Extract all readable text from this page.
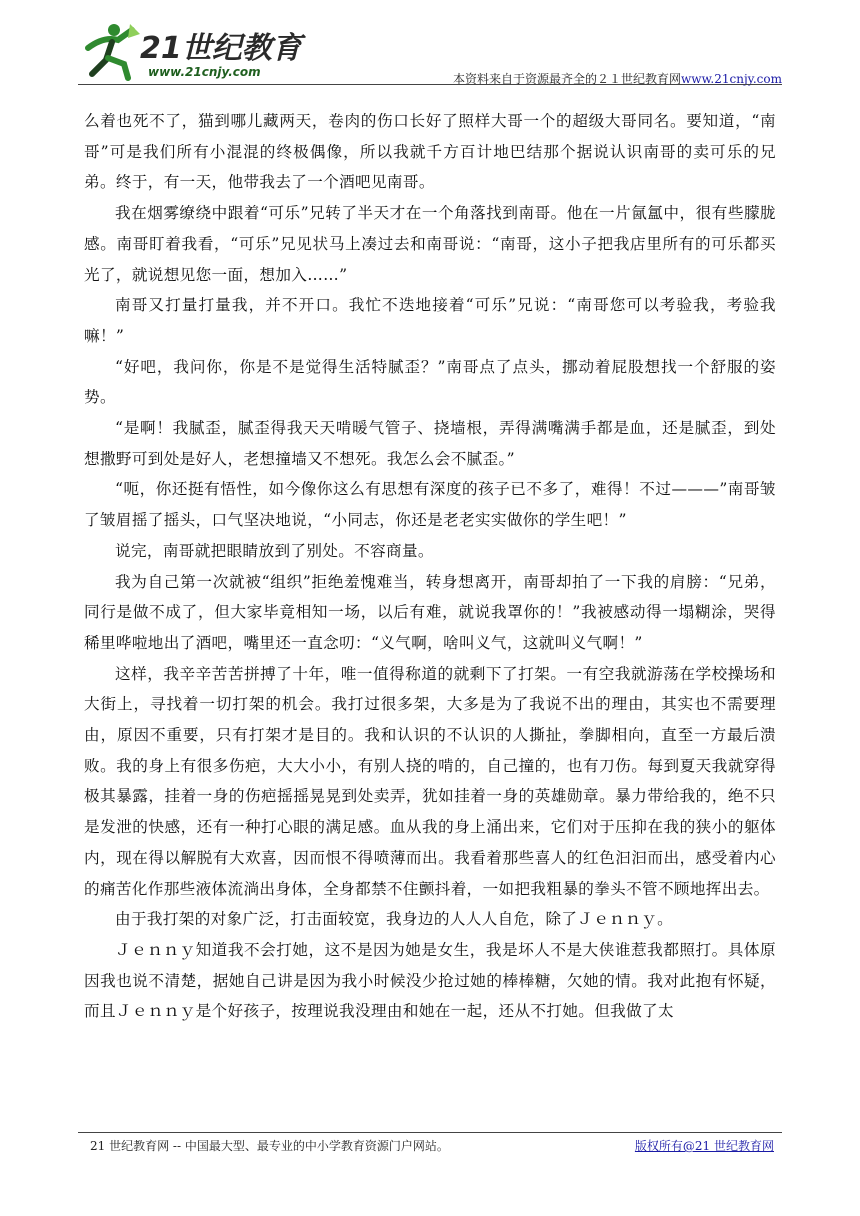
21世纪教育
www.21cnjy.com	本资料来自于资源最齐全的２１世纪教育网www.21cnjy.com

么着也死不了，猫到哪儿藏两天，卷肉的伤口长好了照样大哥一个的超级大哥同名。要知道，“南哥”可是我们所有小混混的终极偶像，所以我就千方百计地巴结那个据说认识南哥的卖可乐的兄弟。终于，有一天，他带我去了一个酒吧见南哥。

我在烟雾缭绕中跟着“可乐”兄转了半天才在一个角落找到南哥。他在一片氤氲中，很有些朦胧感。南哥盯着我看，“可乐”兄见状马上凑过去和南哥说：“南哥，这小子把我店里所有的可乐都买光了，就说想见您一面，想加入……”

南哥又打量打量我，并不开口。我忙不迭地接着“可乐”兄说：“南哥您可以考验我，考验我嘛！”

“好吧，我问你，你是不是觉得生活特腻歪？”南哥点了点头，挪动着屁股想找一个舒服的姿势。

“是啊！我腻歪，腻歪得我天天啃暖气管子、挠墙根，弄得满嘴满手都是血，还是腻歪，到处想撒野可到处是好人，老想撞墙又不想死。我怎么会不腻歪。”

“呃，你还挺有悟性，如今像你这么有思想有深度的孩子已不多了，难得！不过———”南哥皱了皱眉摇了摇头，口气坚决地说，“小同志，你还是老老实实做你的学生吧！”

说完，南哥就把眼睛放到了别处。不容商量。

我为自己第一次就被“组织”拒绝羞愧难当，转身想离开，南哥却拍了一下我的肩膀：“兄弟，同行是做不成了，但大家毕竟相知一场，以后有难，就说我罩你的！”我被感动得一塌糊涂，哭得稀里哗啦地出了酒吧，嘴里还一直念叨：“义气啊，啥叫义气，这就叫义气啊！”

这样，我辛辛苦苦拼搏了十年，唯一值得称道的就剩下了打架。一有空我就游荡在学校操场和大街上，寻找着一切打架的机会。我打过很多架，大多是为了我说不出的理由，其实也不需要理由，原因不重要，只有打架才是目的。我和认识的不认识的人撕扯，拳脚相向，直至一方最后溃败。我的身上有很多伤疤，大大小小，有别人挠的啃的，自己撞的，也有刀伤。每到夏天我就穿得极其暴露，挂着一身的伤疤摇摇晃晃到处卖弄，犹如挂着一身的英雄勋章。暴力带给我的，绝不只是发泄的快感，还有一种打心眼的满足感。血从我的身上涌出来，它们对于压抑在我的狭小的躯体内，现在得以解脱有大欢喜，因而恨不得喷薄而出。我看着那些喜人的红色汩汩而出，感受着内心的痛苦化作那些液体流淌出身体，全身都禁不住颤抖着，一如把我粗暴的拳头不管不顾地挥出去。

由于我打架的对象广泛，打击面较宽，我身边的人人人自危，除了Ｊｅｎｎｙ。

Ｊｅｎｎｙ知道我不会打她，这不是因为她是女生，我是坏人不是大侠谁惹我都照打。具体原因我也说不清楚，据她自己讲是因为我小时候没少抢过她的棒棒糖，欠她的情。我对此抱有怀疑，而且Ｊｅｎｎｙ是个好孩子，按理说我没理由和她在一起，还从不打她。但我做了太

21 世纪教育网 -- 中国最大型、最专业的中小学教育资源门户网站。	版权所有@21 世纪教育网
